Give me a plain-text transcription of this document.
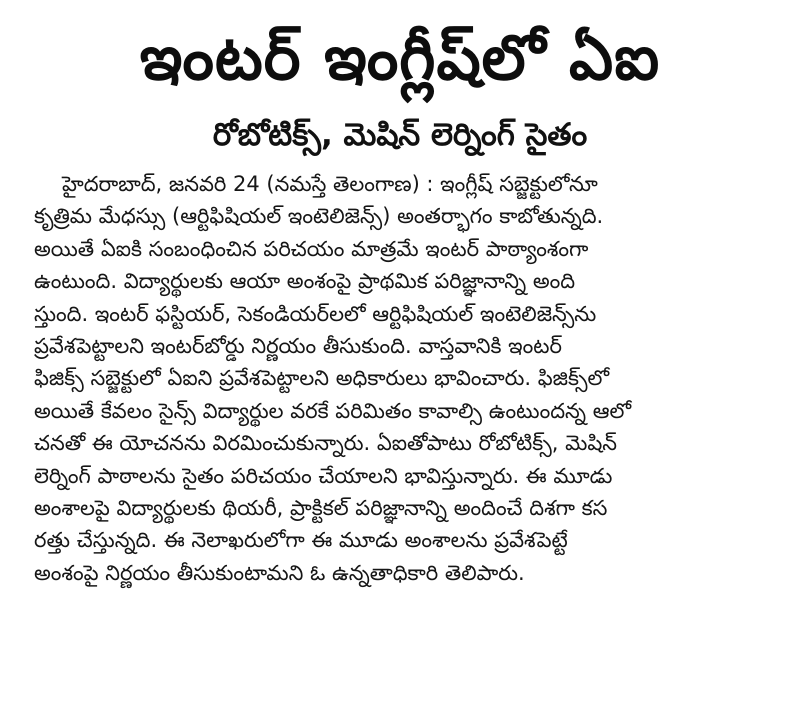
ఇంటర్ ఇంగ్లీష్‌లో ఏఐ
రోబోటిక్స్, మెషిన్ లెర్నింగ్ సైతం
హైదరాబాద్, జనవరి 24 (నమస్తే తెలంగాణ) : ఇంగ్లీష్ సబ్జెక్టులోనూ
కృత్రిమ మేధస్సు (ఆర్టిఫిషియల్ ఇంటెలిజెన్స్) అంతర్భాగం కాబోతున్నది.
అయితే ఏఐకి సంబంధించిన పరిచయం మాత్రమే ఇంటర్ పాఠ్యాంశంగా
ఉంటుంది. విద్యార్థులకు ఆయా అంశంపై ప్రాథమిక పరిజ్ఞానాన్ని అంది
స్తుంది. ఇంటర్ ఫస్టియర్, సెకండియర్‌లలో ఆర్టిఫిషియల్ ఇంటెలిజెన్స్‌ను
ప్రవేశపెట్టాలని ఇంటర్‌బోర్డు నిర్ణయం తీసుకుంది. వాస్తవానికి ఇంటర్
ఫిజిక్స్ సబ్జెక్టులో ఏఐని ప్రవేశపెట్టాలని అధికారులు భావించారు. ఫిజిక్స్‌లో
అయితే కేవలం సైన్స్ విద్యార్థుల వరకే పరిమితం కావాల్సి ఉంటుందన్న ఆలో
చనతో ఈ యోచనను విరమించుకున్నారు. ఏఐతోపాటు రోబోటిక్స్, మెషిన్
లెర్నింగ్ పాఠాలను సైతం పరిచయం చేయాలని భావిస్తున్నారు. ఈ మూడు
అంశాలపై విద్యార్థులకు థియరీ, ప్రాక్టికల్ పరిజ్ఞానాన్ని అందించే దిశగా కస
రత్తు చేస్తున్నది. ఈ నెలాఖరులోగా ఈ మూడు అంశాలను ప్రవేశపెట్టే
అంశంపై నిర్ణయం తీసుకుంటామని ఓ ఉన్నతాధికారి తెలిపారు.
